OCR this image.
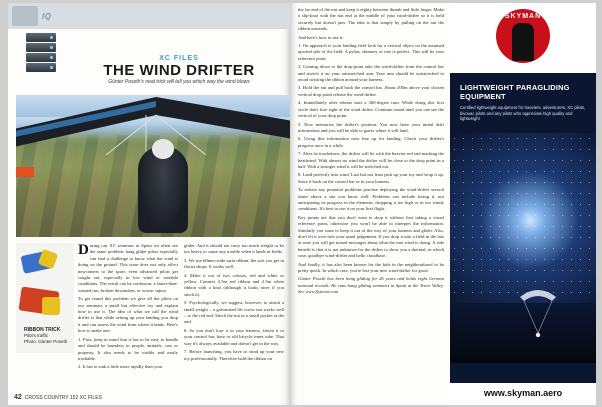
IQ
XC FILES
THE WIND DRIFTER
Günter Poseth's neat trick will tell you which way the wind blows
RIBBON TRICK
Pilot's traffic
Photo: Günter Poseth

During our XC seminars in Spain we often see the same problem: hang glider pilots especially can find a challenge to know what the wind is doing on the ground. This issue does not only affect newcomers to the sport; even advanced pilots get caught out, especially in low wind or variable conditions. The result can be confusion, a faster-than-wanted run, broken downtubes, or worse: injury.

To get round this problem we give all the pilots on our seminars a small but effective toy and explain how to use it. The idea of what we call the wind drifter is that while setting up your landing you drop it and can assess the wind from where it lands. Here's how to make one:

1. First, keep in mind that it has to be easy to handle and should be harmless to people, animals, cars or property. It also needs to be visible and easily trackable.

2. It has to sink a little more rapidly than your

glider. And it should not carry too much weight or be too heavy to cause any trouble when it lands in fields.

3. We use 60mm-wide satin ribbon, the sort you get in florist shops. It works well.

4. Make it out of two colours, red and white or yellow. Connect 2.5m red ribbon and 2.5m white ribbon with a knot (although it looks nicer if you stitch it).

5. Psychologically, we suggest, however, to attach a small weight – a galvanised lift screw nut works well – to the red end. Stitch the nut in a small pocket at the end.

6. So you don't lose it in your harness, fasten it to your control bar, base or old bicycle inner tube. That way it's always available and doesn't get in the way.

7. Before launching, you have to wind up your new toy professionally. Therefore hold the ribbon on

42 CROSS COUNTRY 152 XC FILES

the far end of the nut and keep it eighty between thumb and little finger. Make a slip-knot with the nut end at the middle of your wind-drifter so it is held securely but doesn't jam. The idea is that simply by pulling on the nut the ribbon unwinds.

And here's how to use it:

1. On approach to your landing field look for a vertical object on the assumed upwind side of the field. A pylon, chimney or tree is perfect. This will be your reference point.

2. Coming down to the drop-point take the wind-drifter from the control bar and stretch it on your outstretched arm. Your arm should be outstretched to avoid twisting the ribbon around your harness.

3. Hold the nut and pull back the control bar. About 200m above your chosen vertical drop point release the wind-drifter.

4. Immediately after release start a 360-degree turn. While doing this first circle don't lose sight of the wind drifter. Continue round until you can see the vertical of your drop point.

5. Now memorise the drifter's position. You now have your initial drift information and you will be able to guess where it will land.

6. Using this information now line up for landing. Check your drifter's progress once in a while.

7. After its touchdown, the drifter will lie with the heavier red end marking the headwind. With almost no wind the drifter will be close to the drop point in a ball. With a stronger wind it will be stretched out.

8. Land perfectly into wind. Last but not least pick up your toy and wrap it up. Store it back on the control bar or in your harness.

To reduce any potential problems practise deploying the wind-drifter several times above a site you know well. Problems can include losing it, not anticipating its progress in the elements, dropping it too high or in too windy conditions. It's best to use it on your first flight.

Key points are that you don't want to drop it without first taking a visual reference point, otherwise you won't be able to interpret the information. Similarly you want to keep it out of the way of your harness and glider. Also, don't let it over-rule your usual judgement. If you drop it into a field in the late or near you will get mixed messages about what the true wind is doing. A side benefit is that it is not unknown for the drifter to show you a thermal, in which case, goodbye wind-drifter and hello cloudbase.

And finally, it has also been known for the kids in the neighbourhood to be pretty quick. In which case, you're lost your new wind-drifter for good.

Günter Poseth has been hang gliding for 26 years and holds eight German national records. He runs hang gliding seminars in Spain at the Tenor Valley. See www.flytenor.com

SKYMAN
LIGHTWEIGHT PARAGLIDING EQUIPMENT
Certified lightweight equipment for travelers, adventurers, XC pilots, bivouac pilots and any pilots who appreciate high quality and lightweight
www.skyman.aero
